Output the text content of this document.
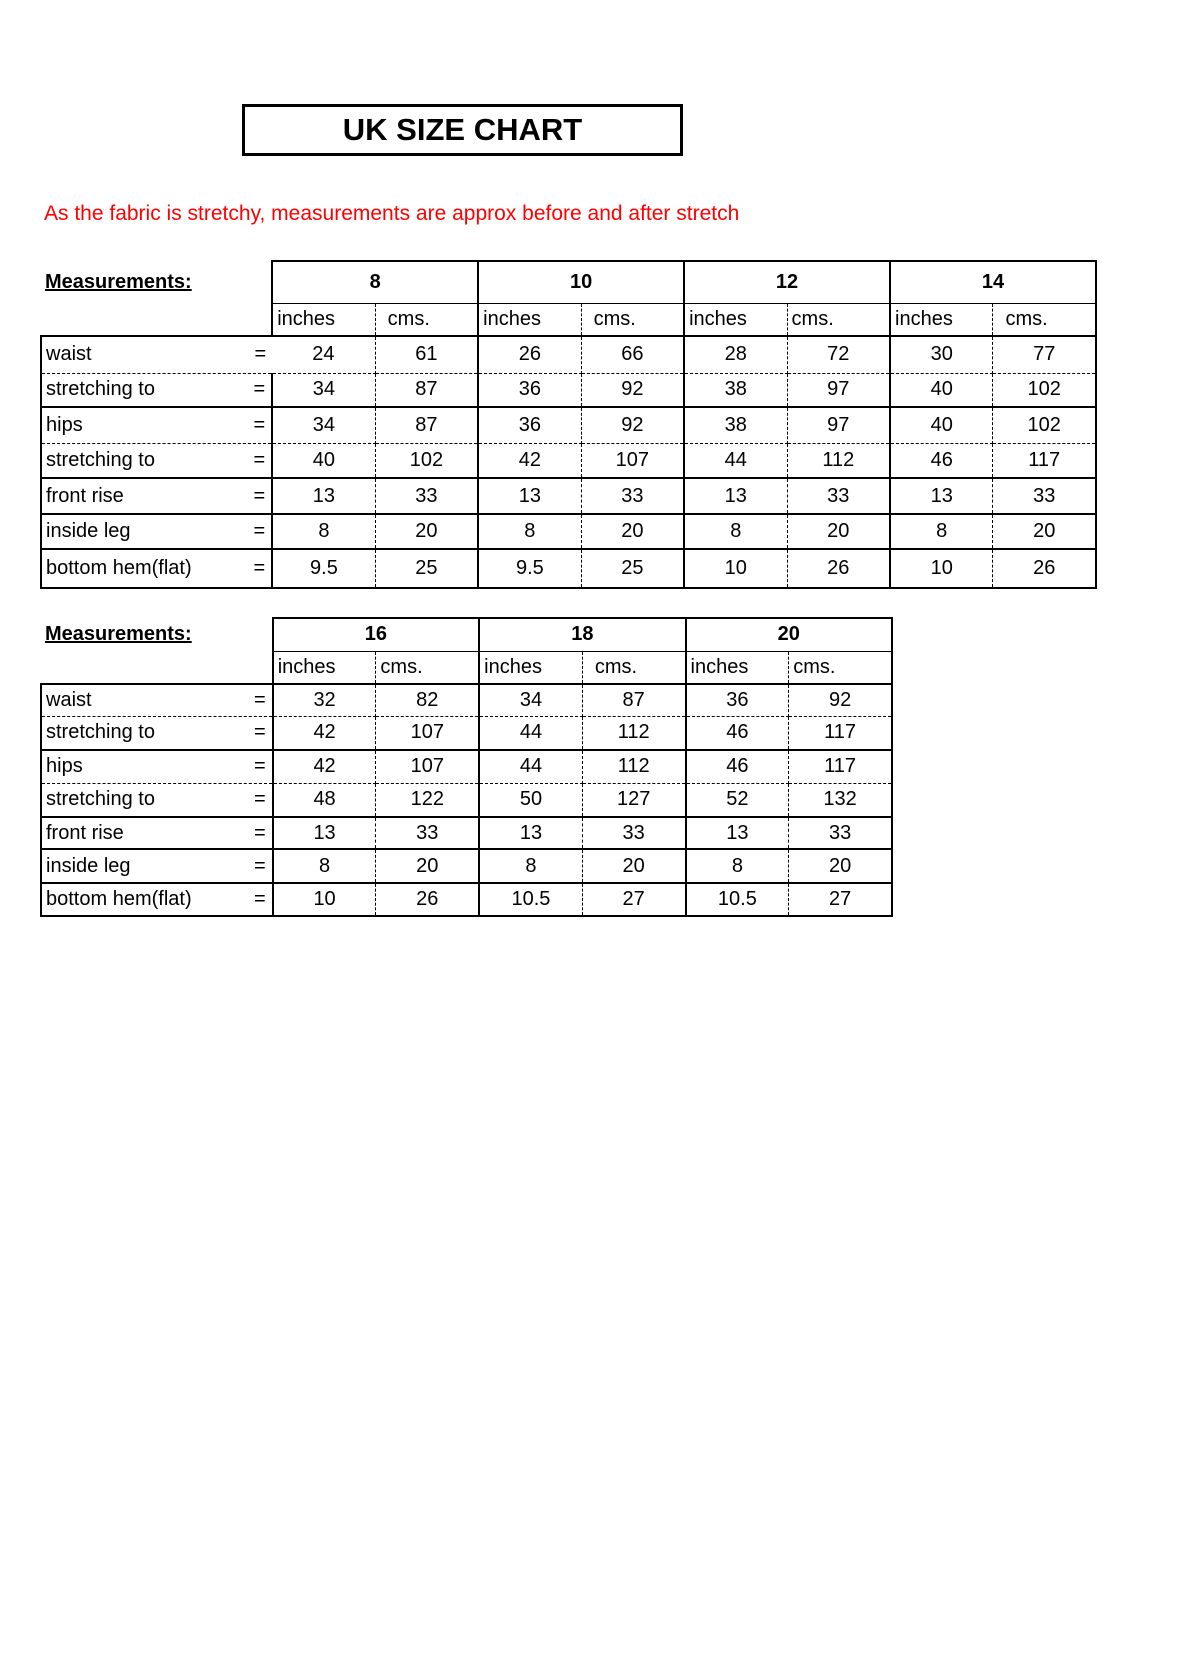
UK SIZE CHART
As the fabric is stretchy, measurements are approx before and after stretch
Measurements:	8		10		12		14	
	inches	cms.	inches	cms.	inches	cms.	inches	cms.
waist =	24	61	26	66	28	72	30	77
stretching to =	34	87	36	92	38	97	40	102
hips =	34	87	36	92	38	97	40	102
stretching to =	40	102	42	107	44	112	46	117
front rise =	13	33	13	33	13	33	13	33
inside leg =	8	20	8	20	8	20	8	20
bottom hem(flat) =	9.5	25	9.5	25	10	26	10	26
Measurements:	16		18		20	
	inches	cms.	inches	cms.	inches	cms.
waist =	32	82	34	87	36	92
stretching to =	42	107	44	112	46	117
hips =	42	107	44	112	46	117
stretching to =	48	122	50	127	52	132
front rise =	13	33	13	33	13	33
inside leg =	8	20	8	20	8	20
bottom hem(flat) =	10	26	10.5	27	10.5	27
